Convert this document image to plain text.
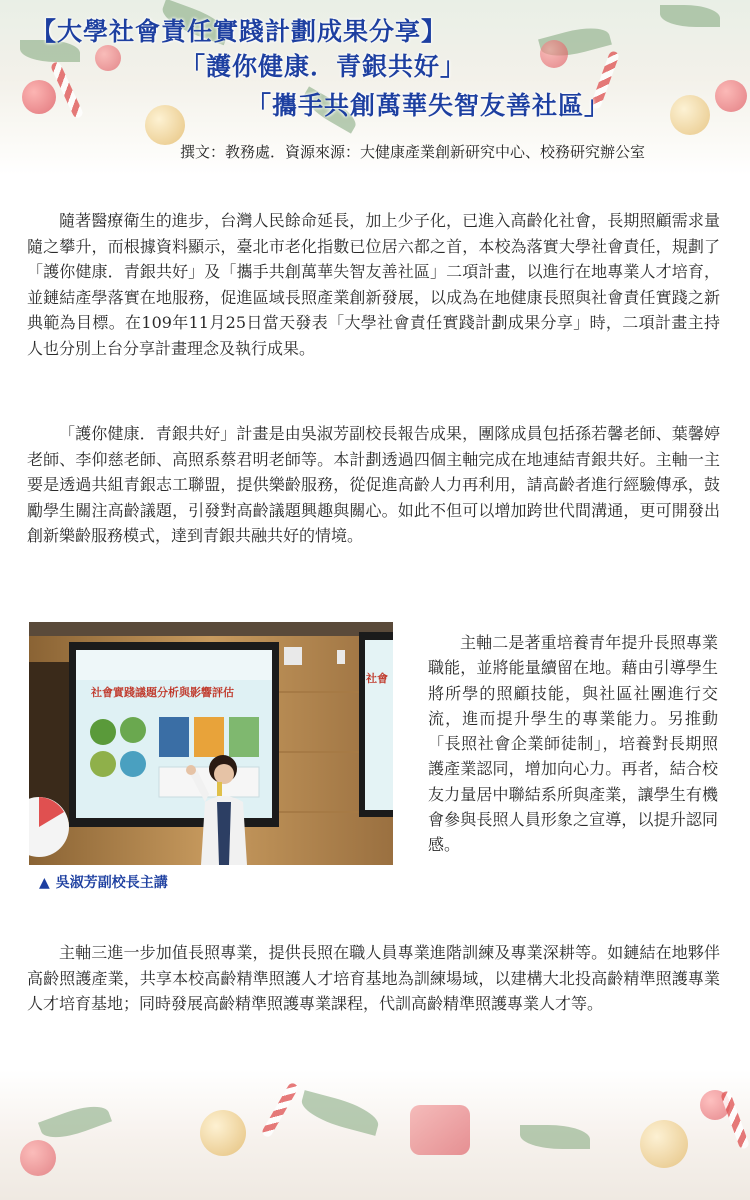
【大學社會責任實踐計劃成果分享】
「護你健康．青銀共好」
「攜手共創萬華失智友善社區」
撰文：教務處．資源來源：大健康產業創新研究中心、校務研究辦公室

隨著醫療衛生的進步，台灣人民餘命延長，加上少子化，已進入高齡化社會，長期照顧需求量隨之攀升，而根據資料顯示，臺北市老化指數已位居六都之首，本校為落實大學社會責任，規劃了「護你健康．青銀共好」及「攜手共創萬華失智友善社區」二項計畫，以進行在地專業人才培育，並鏈結產學落實在地服務，促進區域長照產業創新發展，以成為在地健康長照與社會責任實踐之新典範為目標。在109年11月25日當天發表「大學社會責任實踐計劃成果分享」時，二項計畫主持人也分別上台分享計畫理念及執行成果。

「護你健康．青銀共好」計畫是由吳淑芳副校長報告成果，團隊成員包括孫若馨老師、葉馨婷老師、李仰慈老師、高照系蔡君明老師等。本計劃透過四個主軸完成在地連結青銀共好。主軸一主要是透過共組青銀志工聯盟，提供樂齡服務，從促進高齡人力再利用，請高齡者進行經驗傳承，鼓勵學生關注高齡議題，引發對高齡議題興趣與關心。如此不但可以增加跨世代間溝通，更可開發出創新樂齡服務模式，達到青銀共融共好的情境。

社會實踐議題分析與影響評估
社會
▲ 吳淑芳副校長主講

主軸二是著重培養青年提升長照專業職能，並將能量續留在地。藉由引導學生將所學的照顧技能，與社區社團進行交流，進而提升學生的專業能力。另推動「長照社會企業師徒制」，培養對長期照護產業認同，增加向心力。再者，結合校友力量居中聯結系所與產業，讓學生有機會參與長照人員形象之宣導，以提升認同感。

主軸三進一步加值長照專業，提供長照在職人員專業進階訓練及專業深耕等。如鏈結在地夥伴高齡照護產業，共享本校高齡精準照護人才培育基地為訓練場域，以建構大北投高齡精準照護專業人才培育基地；同時發展高齡精準照護專業課程，代訓高齡精準照護專業人才等。
